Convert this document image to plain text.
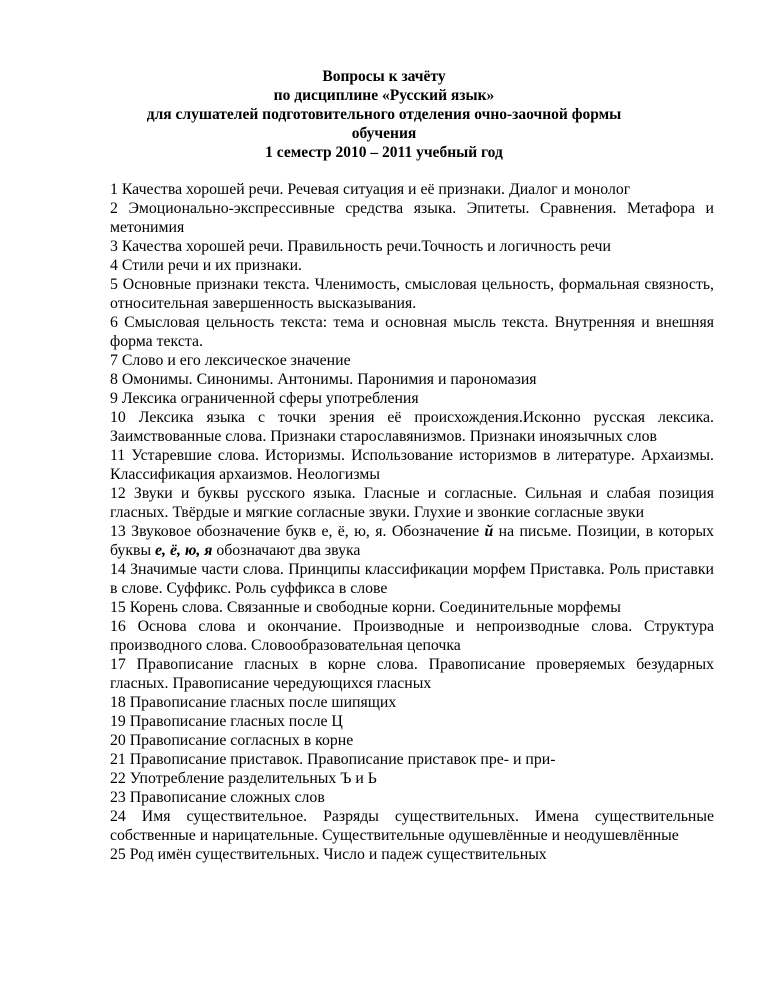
Вопросы к зачёту
по дисциплине «Русский язык»
для слушателей подготовительного отделения очно-заочной формы
обучения
1 семестр 2010 – 2011 учебный год
1 Качества хорошей речи. Речевая ситуация и её признаки. Диалог и монолог
2 Эмоционально-экспрессивные средства языка. Эпитеты. Сравнения. Метафора и метонимия
3 Качества хорошей речи. Правильность речи.Точность и логичность речи
4 Стили речи и их признаки.
5 Основные признаки текста. Членимость, смысловая цельность, формальная связность, относительная завершенность высказывания.
6 Смысловая цельность текста: тема и основная мысль текста. Внутренняя и внешняя форма текста.
7 Слово и его лексическое значение
8 Омонимы. Синонимы. Антонимы. Паронимия и парономазия
9 Лексика ограниченной сферы употребления
10 Лексика языка с точки зрения её происхождения.Исконно русская лексика. Заимствованные слова. Признаки старославянизмов. Признаки иноязычных слов
11 Устаревшие слова. Историзмы. Использование историзмов в литературе. Архаизмы. Классификация архаизмов. Неологизмы
12 Звуки и буквы русского языка. Гласные и согласные. Сильная и слабая позиция гласных. Твёрдые и мягкие согласные звуки. Глухие и звонкие согласные звуки
13 Звуковое обозначение букв е, ё, ю, я. Обозначение й на письме. Позиции, в которых буквы е, ё, ю, я обозначают два звука
14 Значимые части слова. Принципы классификации морфем Приставка. Роль приставки в слове. Суффикс. Роль суффикса в слове
15 Корень слова. Связанные и свободные корни. Соединительные морфемы
16 Основа слова и окончание. Производные и непроизводные слова. Структура производного слова. Словообразовательная цепочка
17 Правописание гласных в корне слова. Правописание проверяемых безударных гласных. Правописание чередующихся гласных
18 Правописание гласных после шипящих
19 Правописание гласных после Ц
20 Правописание согласных в корне
21 Правописание приставок. Правописание приставок пре- и при-
22 Употребление разделительных Ъ и Ь
23 Правописание сложных слов
24 Имя существительное. Разряды существительных. Имена существительные собственные и нарицательные. Существительные одушевлённые и неодушевлённые
25 Род имён существительных. Число и падеж существительных
